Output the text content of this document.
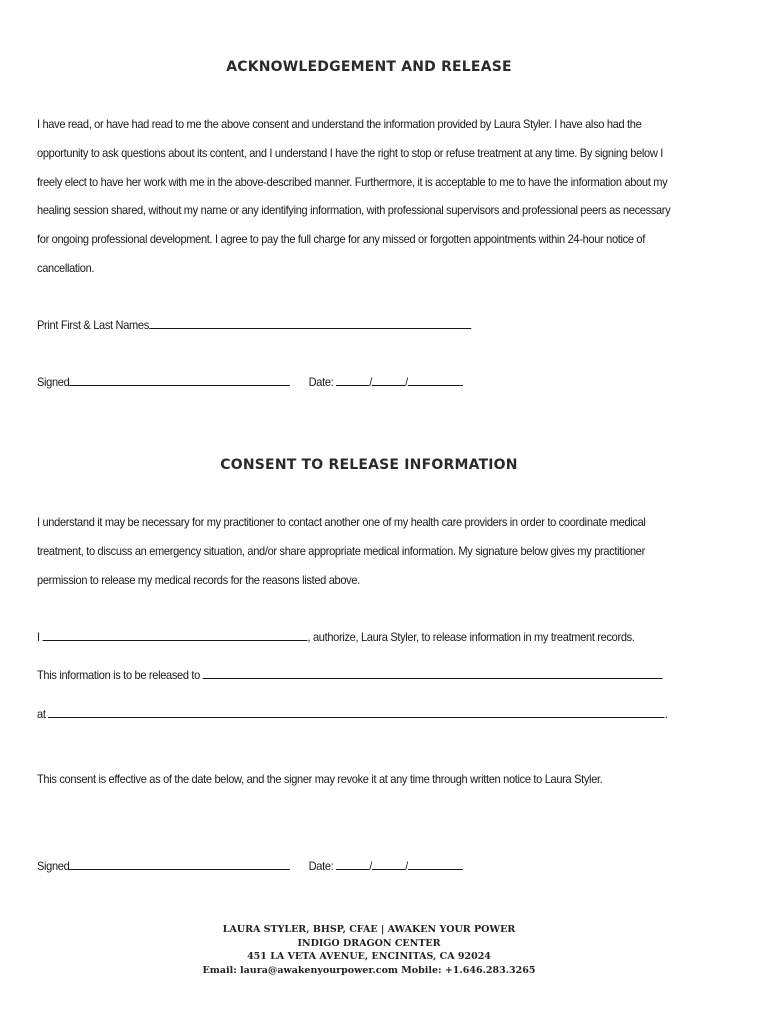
ACKNOWLEDGEMENT AND RELEASE
I have read, or have had read to me the above consent and understand the information provided by Laura Styler. I have also had the
opportunity to ask questions about its content, and I understand I have the right to stop or refuse treatment at any time. By signing below I
freely elect to have her work with me in the above-described manner. Furthermore, it is acceptable to me to have the information about my
healing session shared, without my name or any identifying information, with professional supervisors and professional peers as necessary
for ongoing professional development. I agree to pay the full charge for any missed or forgotten appointments within 24-hour notice of
cancellation.
Print First & Last Names
Signed	Date:	/	/
CONSENT TO RELEASE INFORMATION
I understand it may be necessary for my practitioner to contact another one of my health care providers in order to coordinate medical
treatment, to discuss an emergency situation, and/or share appropriate medical information. My signature below gives my practitioner
permission to release my medical records for the reasons listed above.
I	, authorize, Laura Styler, to release information in my treatment records.
This information is to be released to
at	.
This consent is effective as of the date below, and the signer may revoke it at any time through written notice to Laura Styler.
Signed	Date:	/	/
LAURA STYLER, BHSP, CFAE | AWAKEN YOUR POWER
INDIGO DRAGON CENTER
451 LA VETA AVENUE, ENCINITAS, CA 92024
Email: laura@awakenyourpower.com Mobile: +1.646.283.3265
